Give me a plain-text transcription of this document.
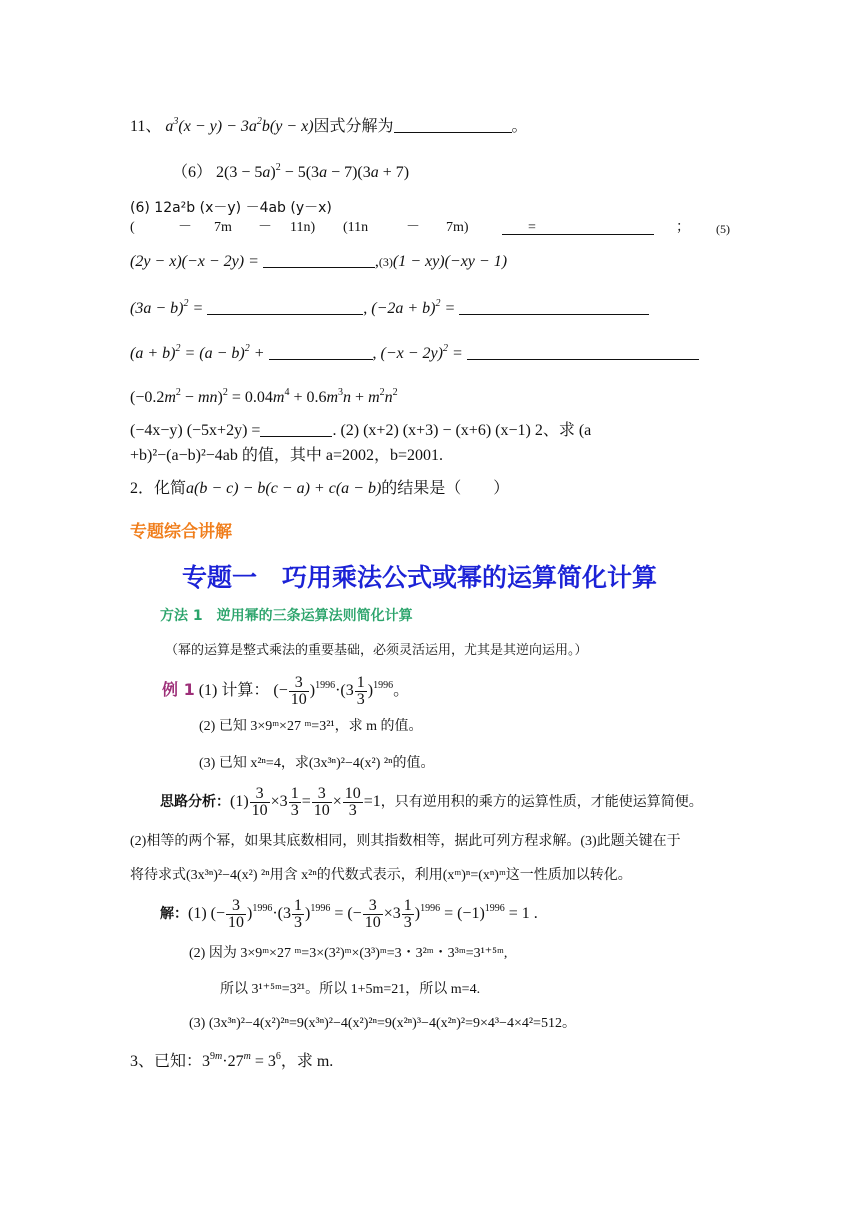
11、 $a^3(x - y) - 3a^2b(y - x)$因式分解为	。
（6） $2(3 - 5a)^2 - 5(3a - 7)(3a + 7)$
(6) 12a²b (x－y) －4ab (y－x)
(	－ 7m － 11n) (11n	－ 7m)	=	； (5)
(2y − x)(−x − 2y) =	,(3)(1 − xy)(−xy − 1)
$(3a - b)^2$ =	, $(-2a + b)^2$ =
$(a + b)^2 = (a - b)^2$ +	, $(-x - 2y)^2$ =
$(-0.2m^2 - mn)^2 = 0.04m^4 + 0.6m^3n + m^2n^2$
(−4x−y) (−5x+2y) =	. (2) (x+2) (x+3) − (x+6) (x−1) 2、求 (a
+b)²−(a−b)²−4ab 的值，其中 a=2002，b=2001.
2．化简a(b − c) − b(c − a) + c(a − b)的结果是（　　）
专题综合讲解
专题一　巧用乘法公式或幂的运算简化计算
方法 1　逆用幂的三条运算法则简化计算
（幂的运算是整式乘法的重要基础，必须灵活运用，尤其是其逆向运用。）
例 1 (1) 计算： (− $\frac{3}{10} )^{1996}\cdot(3 \frac{1}{3} )^{1996}$。
(2) 已知 3×9ᵐ×27 ᵐ=3²¹，求 m 的值。
(3) 已知 x²ⁿ=4，求(3x³ⁿ)²−4(x²) ²ⁿ的值。
思路分析：$(1) \frac{3}{10} \times 3 \frac{1}{3} = \frac{3}{10} \times \frac{10}{3} =1$，只有逆用积的乘方的运算性质，才能使运算简便。
(2)相等的两个幂，如果其底数相同，则其指数相等，据此可列方程求解。(3)此题关键在于
将待求式(3x³ⁿ)²−4(x²) ²ⁿ用含 x²ⁿ的代数式表示，利用(xᵐ)ⁿ=(xⁿ)ᵐ这一性质加以转化。
解：(1) (− $\frac{3}{10} )^{1996}\cdot(3 \frac{1}{3} )^{1996}$ = (− $\frac{3}{10} \times 3 \frac{1}{3} )^{1996} = (-1)^{1996} = 1$ .
(2) 因为 3×9ᵐ×27 ᵐ=3×(3²)ᵐ×(3³)ᵐ=3・3²ᵐ・3³ᵐ=3¹⁺⁵ᵐ,
所以 3¹⁺⁵ᵐ=3²¹。所以 1+5m=21，所以 m=4.
(3) (3x³ⁿ)²−4(x²)²ⁿ=9(x³ⁿ)²−4(x²)²ⁿ=9(x²ⁿ)³−4(x²ⁿ)²=9×4³−4×4²=512。
3、已知：$3^{9m}\cdot 27^m = 3^6$，求 m.
